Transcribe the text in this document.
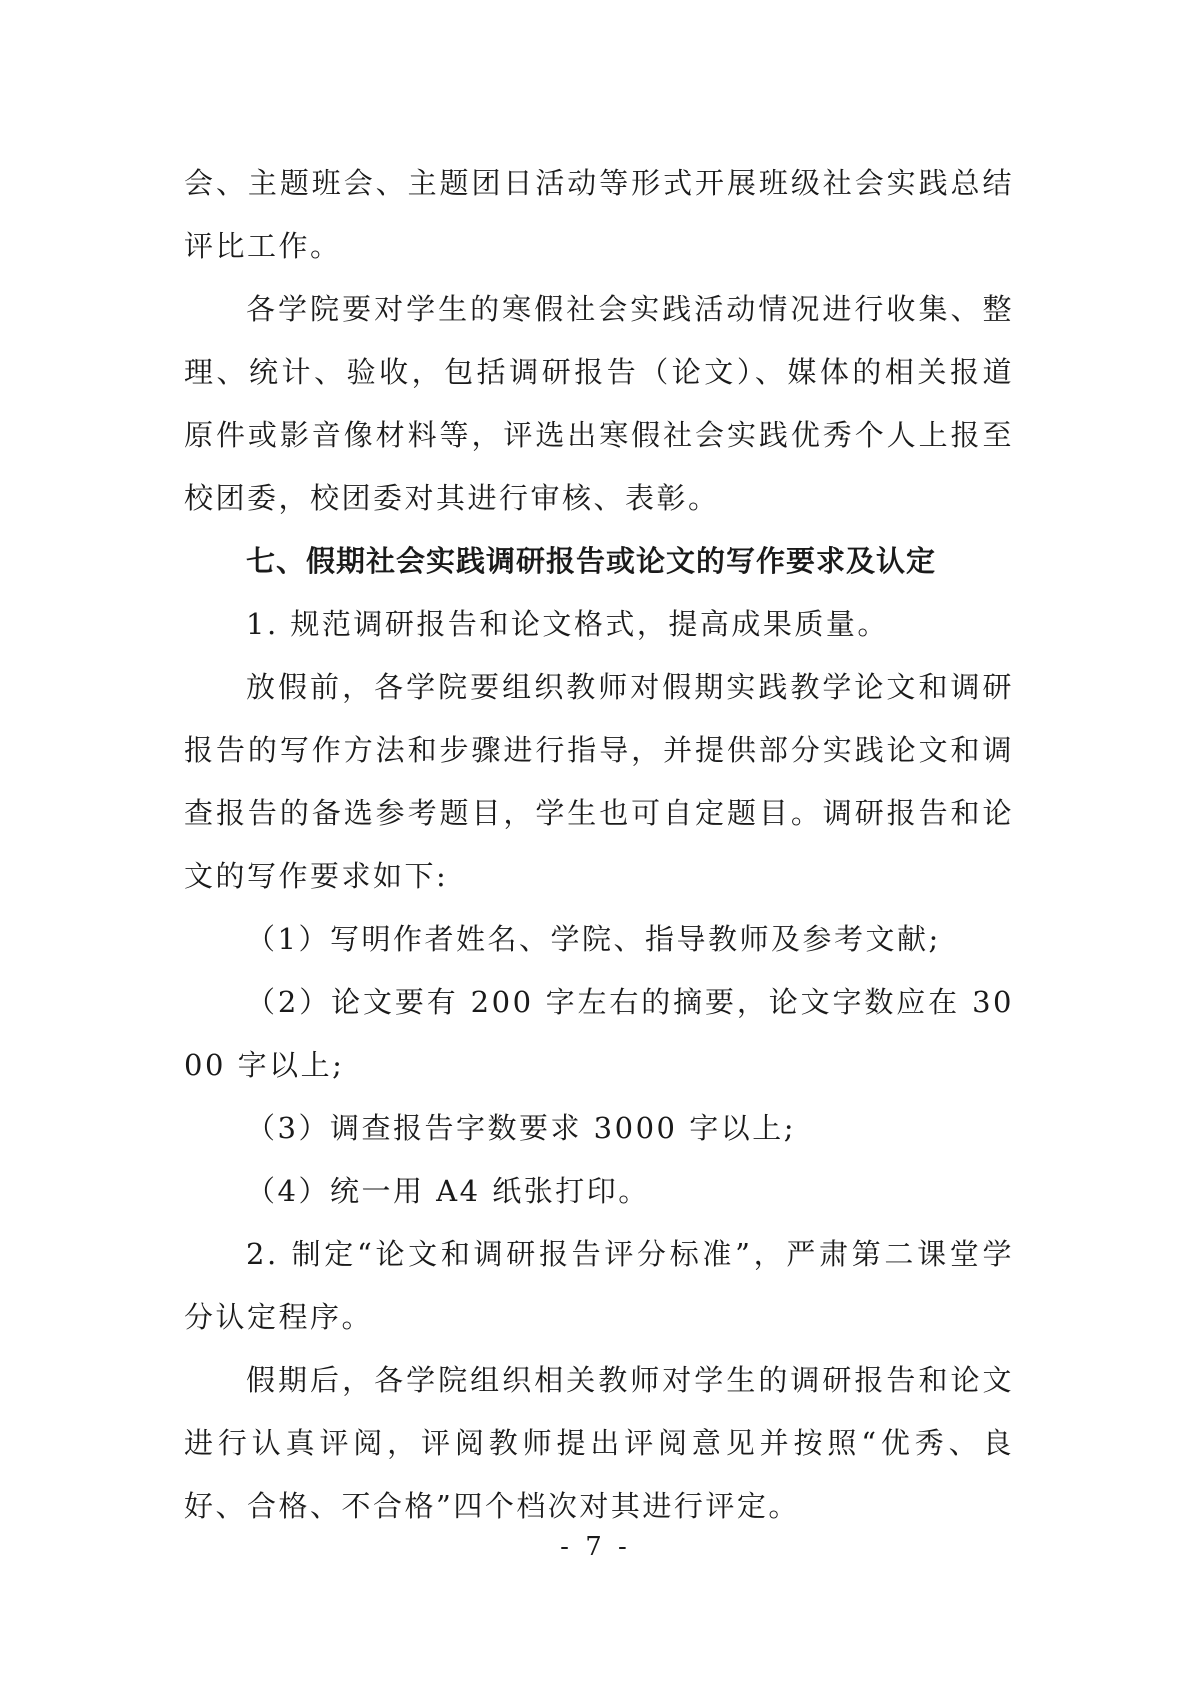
会、主题班会、主题团日活动等形式开展班级社会实践总结评比工作。

各学院要对学生的寒假社会实践活动情况进行收集、整理、统计、验收，包括调研报告（论文）、媒体的相关报道原件或影音像材料等，评选出寒假社会实践优秀个人上报至校团委，校团委对其进行审核、表彰。

七、假期社会实践调研报告或论文的写作要求及认定

1. 规范调研报告和论文格式，提高成果质量。

放假前，各学院要组织教师对假期实践教学论文和调研报告的写作方法和步骤进行指导，并提供部分实践论文和调查报告的备选参考题目，学生也可自定题目。调研报告和论文的写作要求如下:

（1）写明作者姓名、学院、指导教师及参考文献;

（2）论文要有 200 字左右的摘要，论文字数应在 3000 字以上;

（3）调查报告字数要求 3000 字以上;

（4）统一用 A4 纸张打印。

2. 制定“论文和调研报告评分标准”，严肃第二课堂学分认定程序。

假期后，各学院组织相关教师对学生的调研报告和论文进行认真评阅，评阅教师提出评阅意见并按照“优秀、良好、合格、不合格”四个档次对其进行评定。

- 7 -
